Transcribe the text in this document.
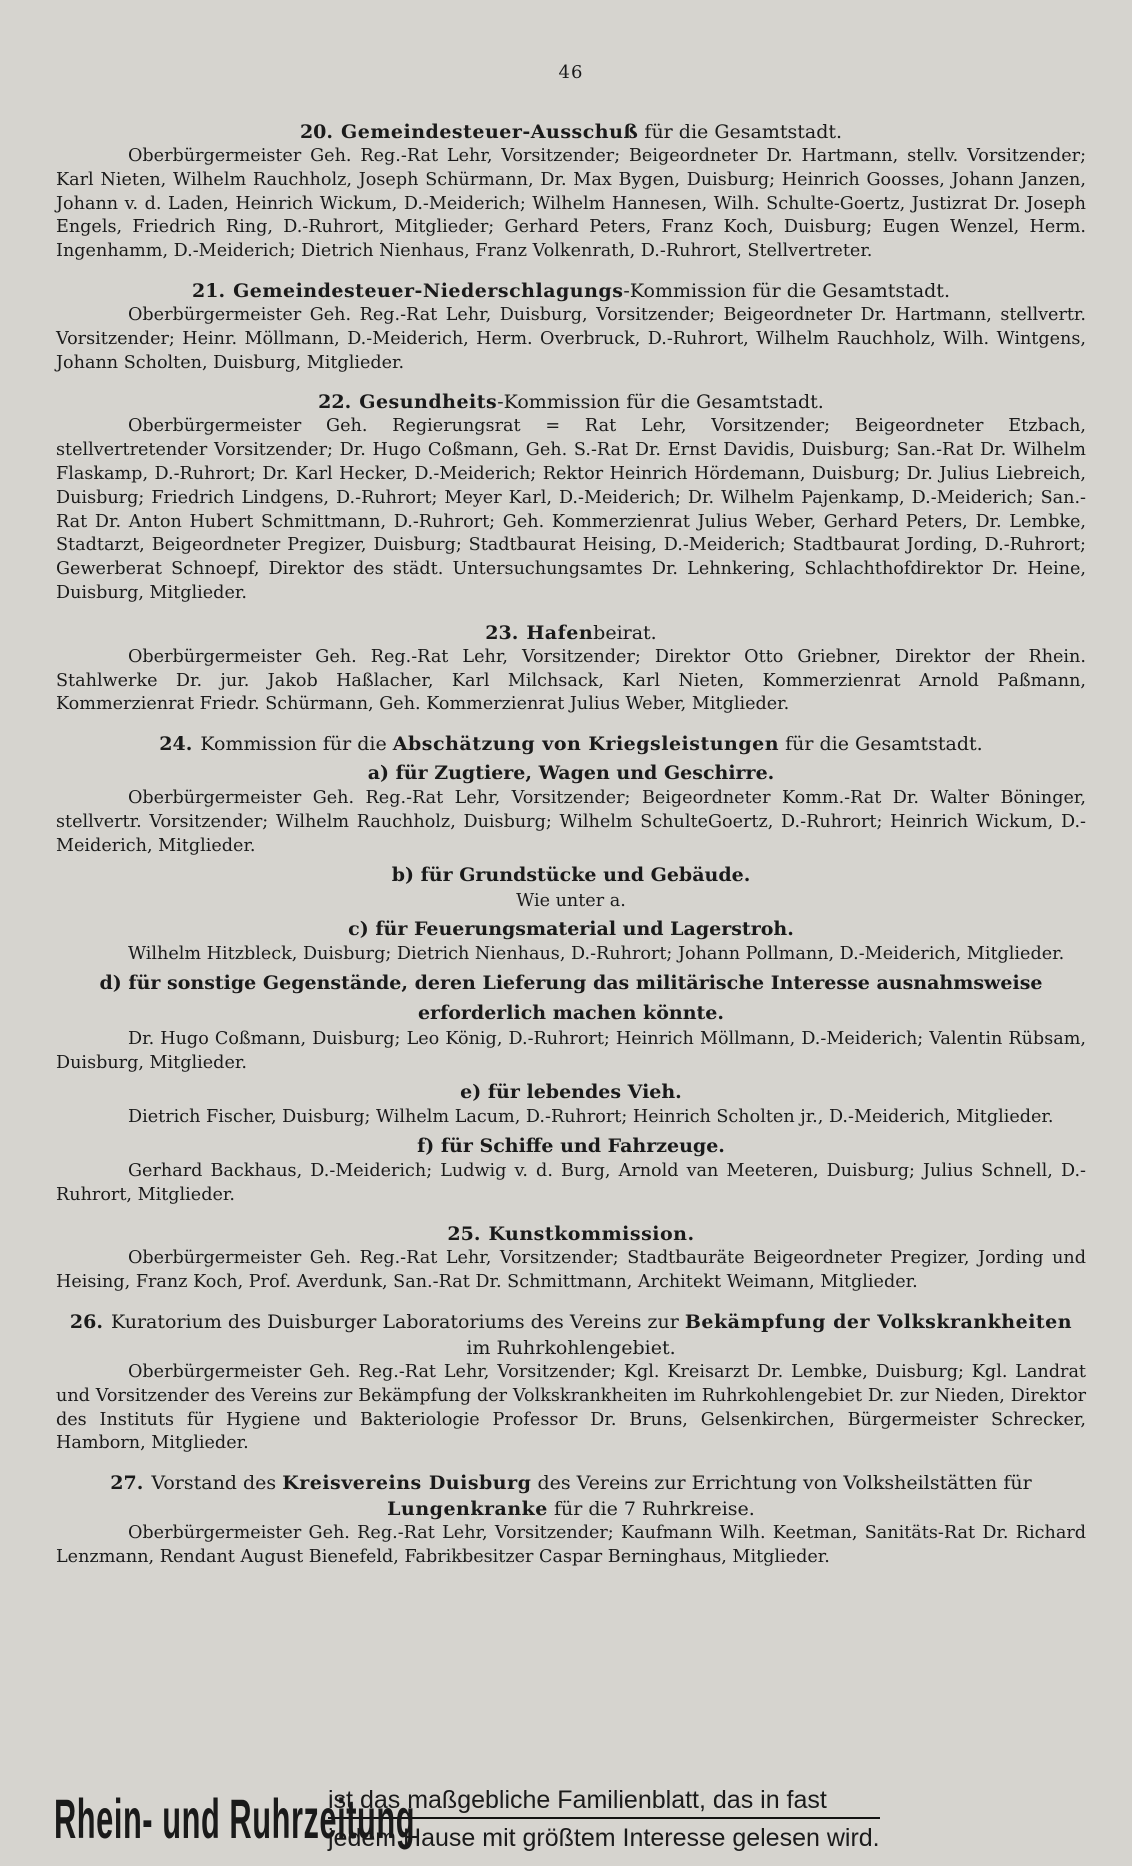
46

20. Gemeindesteuer-Ausschuß für die Gesamtstadt.

Oberbürgermeister Geh. Reg.-Rat Lehr, Vorsitzender; Beigeordneter Dr. Hartmann, stellv. Vorsitzender; Karl Nieten, Wilhelm Rauchholz, Joseph Schürmann, Dr. Max Bygen, Duisburg; Heinrich Goosses, Johann Janzen, Johann v. d. Laden, Heinrich Wickum, D.-Meiderich; Wilhelm Hannesen, Wilh. Schulte-Goertz, Justizrat Dr. Joseph Engels, Friedrich Ring, D.-Ruhrort, Mitglieder; Gerhard Peters, Franz Koch, Duisburg; Eugen Wenzel, Herm. Ingenhamm, D.-Meiderich; Dietrich Nienhaus, Franz Volkenrath, D.-Ruhrort, Stellvertreter.

21. Gemeindesteuer-Niederschlagungs-Kommission für die Gesamtstadt.

Oberbürgermeister Geh. Reg.-Rat Lehr, Duisburg, Vorsitzender; Beigeordneter Dr. Hartmann, stellvertr. Vorsitzender; Heinr. Möllmann, D.-Meiderich, Herm. Overbruck, D.-Ruhrort, Wilhelm Rauchholz, Wilh. Wintgens, Johann Scholten, Duisburg, Mitglieder.

22. Gesundheits-Kommission für die Gesamtstadt.

Oberbürgermeister Geh. Regierungsrat = Rat Lehr, Vorsitzender; Beigeordneter Etzbach, stellvertretender Vorsitzender; Dr. Hugo Coßmann, Geh. S.-Rat Dr. Ernst Davidis, Duisburg; San.-Rat Dr. Wilhelm Flaskamp, D.-Ruhrort; Dr. Karl Hecker, D.-Meiderich; Rektor Heinrich Hördemann, Duisburg; Dr. Julius Liebreich, Duisburg; Friedrich Lindgens, D.-Ruhrort; Meyer Karl, D.-Meiderich; Dr. Wilhelm Pajenkamp, D.-Meiderich; San.-Rat Dr. Anton Hubert Schmittmann, D.-Ruhrort; Geh. Kommerzienrat Julius Weber, Gerhard Peters, Dr. Lembke, Stadtarzt, Beigeordneter Pregizer, Duisburg; Stadtbaurat Heising, D.-Meiderich; Stadtbaurat Jording, D.-Ruhrort; Gewerberat Schnoepf, Direktor des städt. Untersuchungsamtes Dr. Lehnkering, Schlachthofdirektor Dr. Heine, Duisburg, Mitglieder.

23. Hafenbeirat.

Oberbürgermeister Geh. Reg.-Rat Lehr, Vorsitzender; Direktor Otto Griebner, Direktor der Rhein. Stahlwerke Dr. jur. Jakob Haßlacher, Karl Milchsack, Karl Nieten, Kommerzienrat Arnold Paßmann, Kommerzienrat Friedr. Schürmann, Geh. Kommerzienrat Julius Weber, Mitglieder.

24. Kommission für die Abschätzung von Kriegsleistungen für die Gesamtstadt.

a) für Zugtiere, Wagen und Geschirre.

Oberbürgermeister Geh. Reg.-Rat Lehr, Vorsitzender; Beigeordneter Komm.-Rat Dr. Walter Böninger, stellvertr. Vorsitzender; Wilhelm Rauchholz, Duisburg; Wilhelm SchulteGoertz, D.-Ruhrort; Heinrich Wickum, D.-Meiderich, Mitglieder.

b) für Grundstücke und Gebäude.

Wie unter a.

c) für Feuerungsmaterial und Lagerstroh.

Wilhelm Hitzbleck, Duisburg; Dietrich Nienhaus, D.-Ruhrort; Johann Pollmann, D.-Meiderich, Mitglieder.

d) für sonstige Gegenstände, deren Lieferung das militärische Interesse ausnahmsweise erforderlich machen könnte.

Dr. Hugo Coßmann, Duisburg; Leo König, D.-Ruhrort; Heinrich Möllmann, D.-Meiderich; Valentin Rübsam, Duisburg, Mitglieder.

e) für lebendes Vieh.

Dietrich Fischer, Duisburg; Wilhelm Lacum, D.-Ruhrort; Heinrich Scholten jr., D.-Meiderich, Mitglieder.

f) für Schiffe und Fahrzeuge.

Gerhard Backhaus, D.-Meiderich; Ludwig v. d. Burg, Arnold van Meeteren, Duisburg; Julius Schnell, D.-Ruhrort, Mitglieder.

25. Kunstkommission.

Oberbürgermeister Geh. Reg.-Rat Lehr, Vorsitzender; Stadtbauräte Beigeordneter Pregizer, Jording und Heising, Franz Koch, Prof. Averdunk, San.-Rat Dr. Schmittmann, Architekt Weimann, Mitglieder.

26. Kuratorium des Duisburger Laboratoriums des Vereins zur Bekämpfung der Volkskrankheiten im Ruhrkohlengebiet.

Oberbürgermeister Geh. Reg.-Rat Lehr, Vorsitzender; Kgl. Kreisarzt Dr. Lembke, Duisburg; Kgl. Landrat und Vorsitzender des Vereins zur Bekämpfung der Volkskrankheiten im Ruhrkohlengebiet Dr. zur Nieden, Direktor des Instituts für Hygiene und Bakteriologie Professor Dr. Bruns, Gelsenkirchen, Bürgermeister Schrecker, Hamborn, Mitglieder.

27. Vorstand des Kreisvereins Duisburg des Vereins zur Errichtung von Volksheilstätten für Lungenkranke für die 7 Ruhrkreise.

Oberbürgermeister Geh. Reg.-Rat Lehr, Vorsitzender; Kaufmann Wilh. Keetman, Sanitäts-Rat Dr. Richard Lenzmann, Rendant August Bienefeld, Fabrikbesitzer Caspar Berninghaus, Mitglieder.

Rhein- und Ruhrzeitung
ist das maßgebliche Familienblatt, das in fast
jedem Hause mit größtem Interesse gelesen wird.
